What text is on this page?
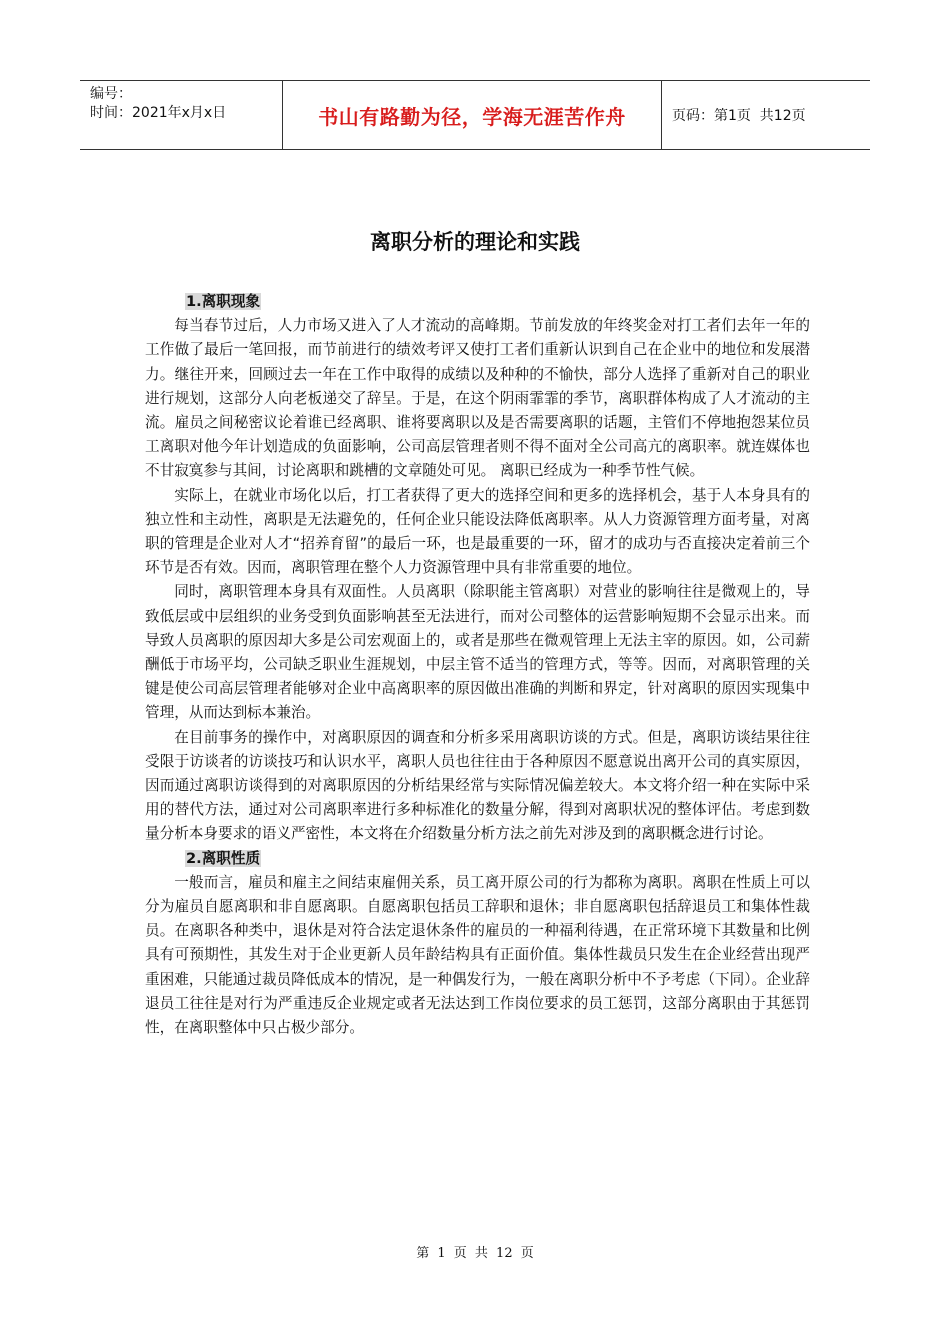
编号：
时间：2021年x月x日	书山有路勤为径，学海无涯苦作舟	页码：第1页  共12页
离职分析的理论和实践

1.离职现象

每当春节过后，人力市场又进入了人才流动的高峰期。节前发放的年终奖金对打工者们去年一年的工作做了最后一笔回报，而节前进行的绩效考评又使打工者们重新认识到自己在企业中的地位和发展潜力。继往开来，回顾过去一年在工作中取得的成绩以及种种的不愉快，部分人选择了重新对自己的职业进行规划，这部分人向老板递交了辞呈。于是，在这个阴雨霏霏的季节，离职群体构成了人才流动的主流。雇员之间秘密议论着谁已经离职、谁将要离职以及是否需要离职的话题，主管们不停地抱怨某位员工离职对他今年计划造成的负面影响，公司高层管理者则不得不面对全公司高亢的离职率。就连媒体也不甘寂寞参与其间，讨论离职和跳槽的文章随处可见。 离职已经成为一种季节性气候。

实际上，在就业市场化以后，打工者获得了更大的选择空间和更多的选择机会，基于人本身具有的独立性和主动性，离职是无法避免的，任何企业只能设法降低离职率。从人力资源管理方面考量，对离职的管理是企业对人才“招养育留”的最后一环，也是最重要的一环，留才的成功与否直接决定着前三个环节是否有效。因而，离职管理在整个人力资源管理中具有非常重要的地位。

同时，离职管理本身具有双面性。人员离职（除职能主管离职）对营业的影响往往是微观上的，导致低层或中层组织的业务受到负面影响甚至无法进行，而对公司整体的运营影响短期不会显示出来。而导致人员离职的原因却大多是公司宏观面上的，或者是那些在微观管理上无法主宰的原因。如，公司薪酬低于市场平均，公司缺乏职业生涯规划，中层主管不适当的管理方式，等等。因而，对离职管理的关键是使公司高层管理者能够对企业中高离职率的原因做出准确的判断和界定，针对离职的原因实现集中管理，从而达到标本兼治。

在目前事务的操作中，对离职原因的调查和分析多采用离职访谈的方式。但是，离职访谈结果往往受限于访谈者的访谈技巧和认识水平，离职人员也往往由于各种原因不愿意说出离开公司的真实原因，因而通过离职访谈得到的对离职原因的分析结果经常与实际情况偏差较大。本文将介绍一种在实际中采用的替代方法，通过对公司离职率进行多种标准化的数量分解，得到对离职状况的整体评估。考虑到数量分析本身要求的语义严密性，本文将在介绍数量分析方法之前先对涉及到的离职概念进行讨论。

2.离职性质

一般而言，雇员和雇主之间结束雇佣关系，员工离开原公司的行为都称为离职。离职在性质上可以分为雇员自愿离职和非自愿离职。自愿离职包括员工辞职和退休；非自愿离职包括辞退员工和集体性裁员。在离职各种类中，退休是对符合法定退休条件的雇员的一种福利待遇，在正常环境下其数量和比例具有可预期性，其发生对于企业更新人员年龄结构具有正面价值。集体性裁员只发生在企业经营出现严重困难，只能通过裁员降低成本的情况，是一种偶发行为，一般在离职分析中不予考虑（下同）。企业辞退员工往往是对行为严重违反企业规定或者无法达到工作岗位要求的员工惩罚，这部分离职由于其惩罚性，在离职整体中只占极少部分。

第 1 页 共 12 页
